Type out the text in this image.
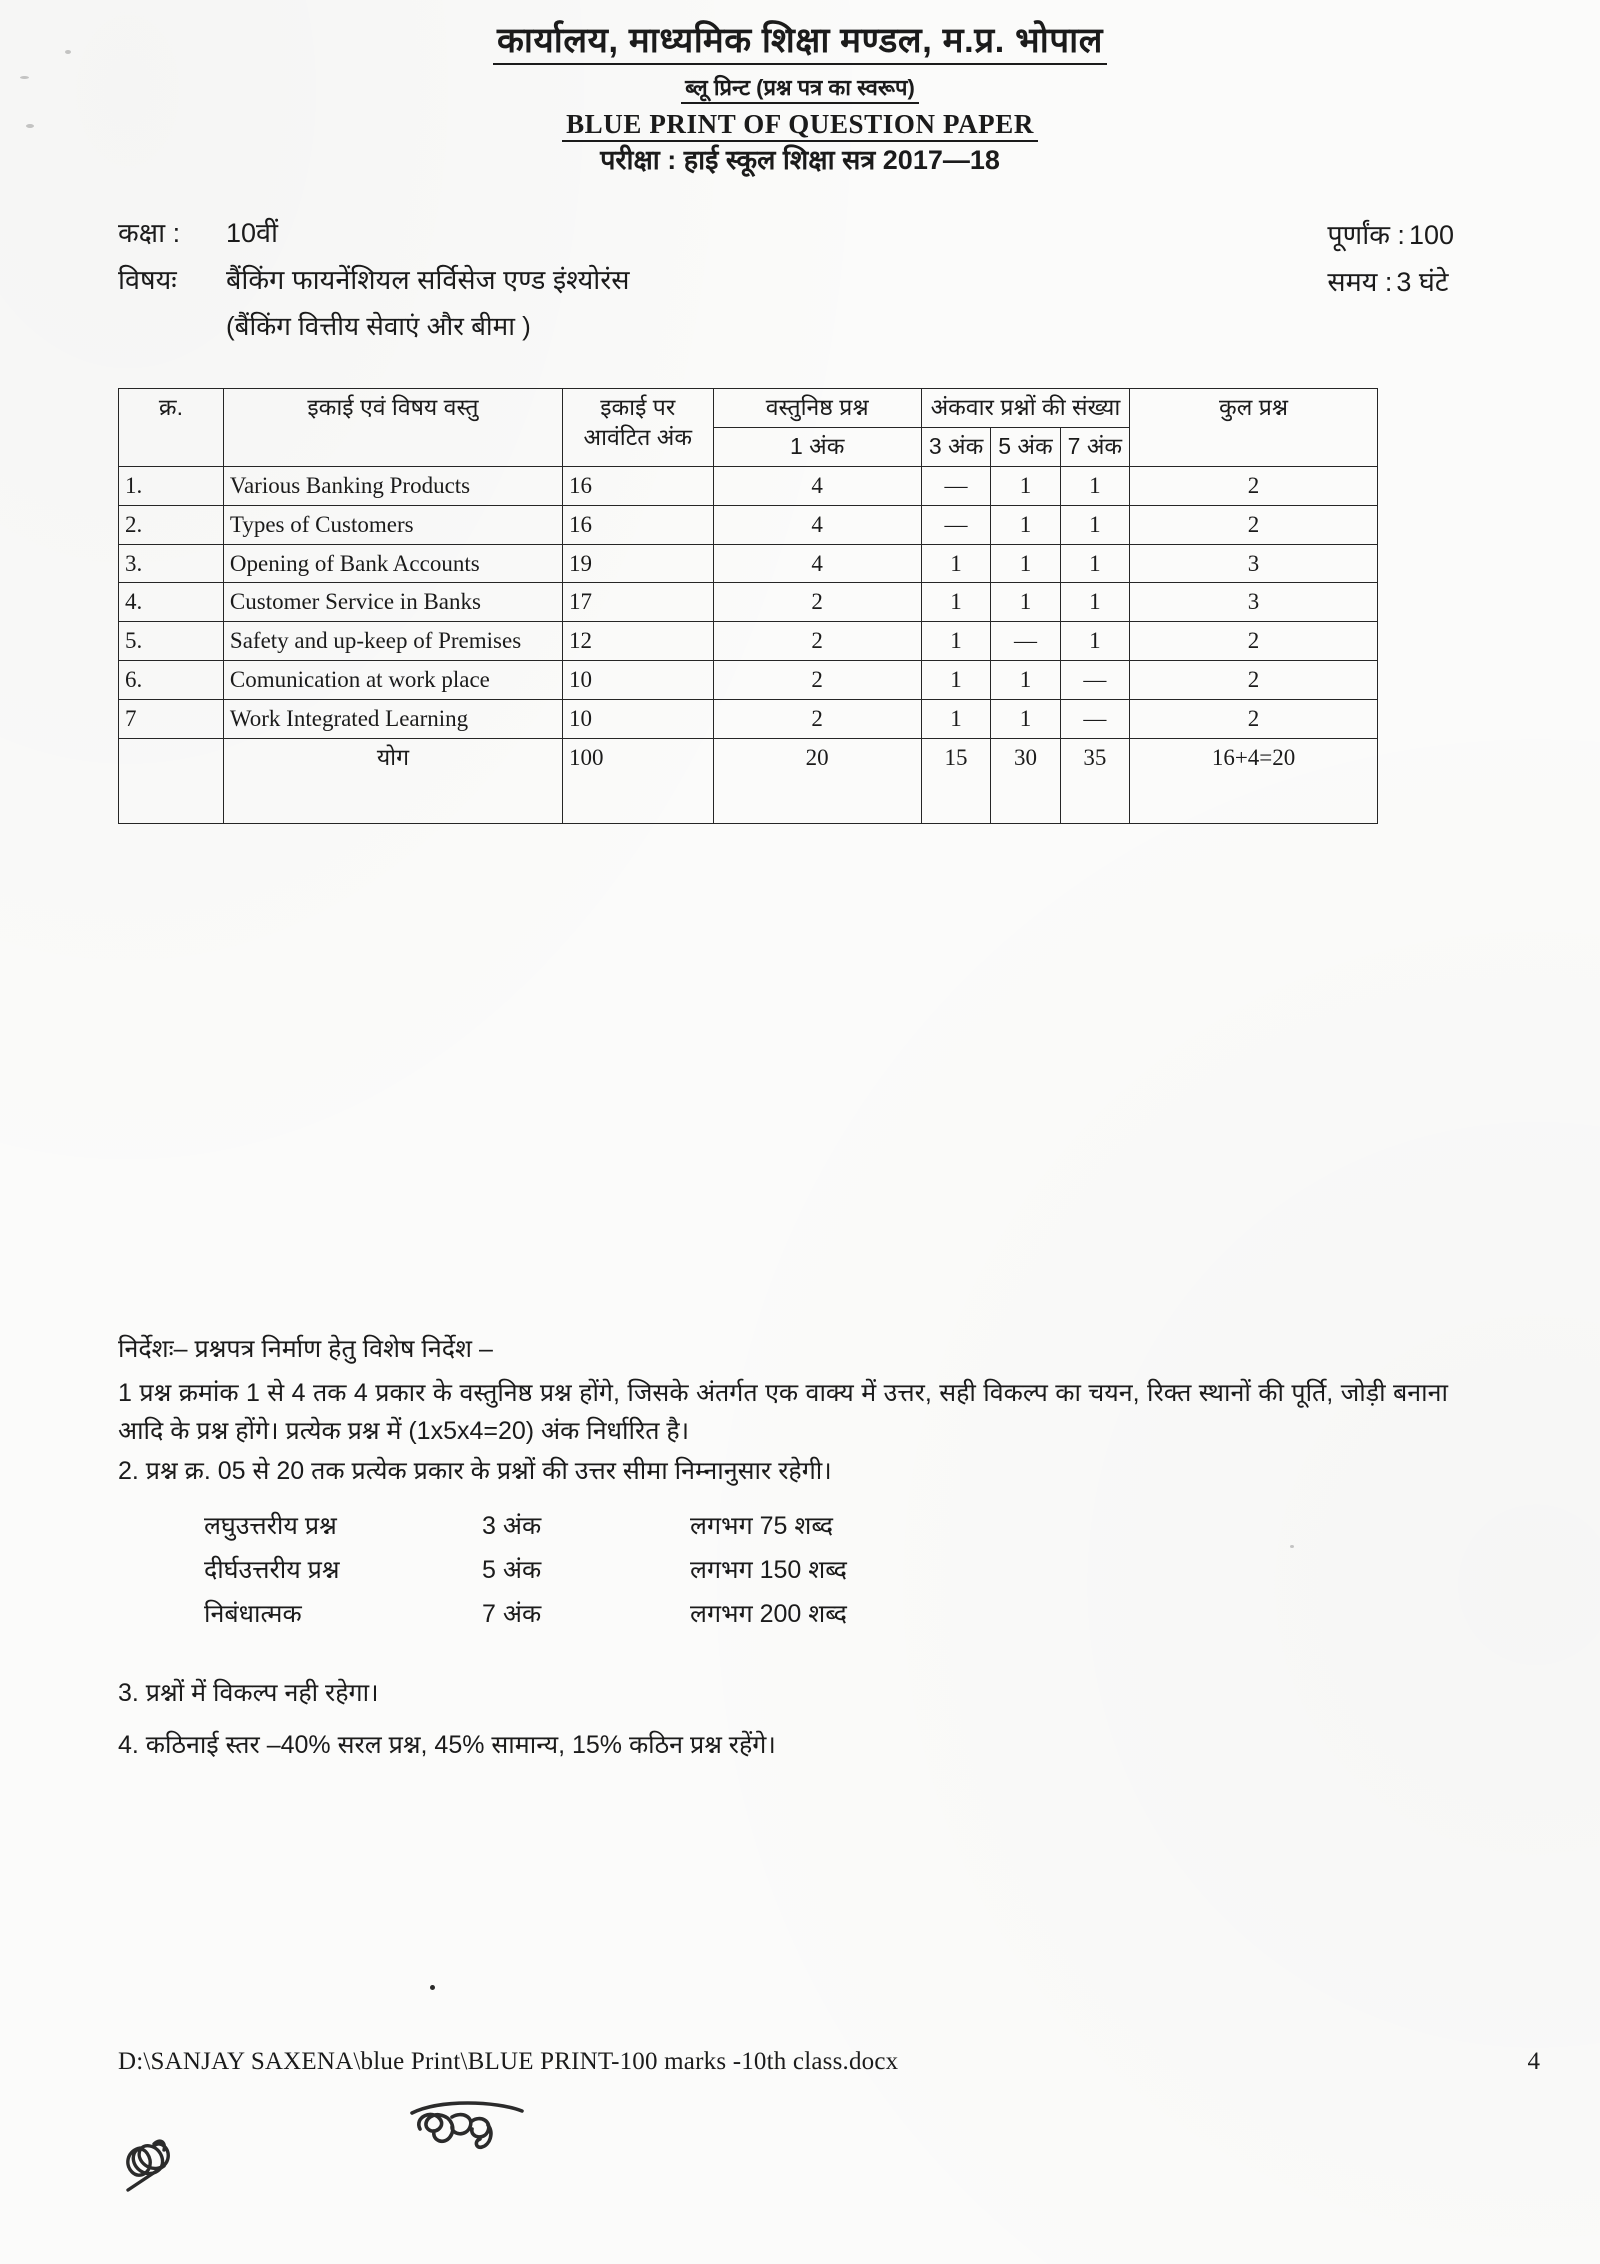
कार्यालय, माध्यमिक शिक्षा मण्डल, म.प्र. भोपाल
ब्लू प्रिन्ट (प्रश्न पत्र का स्वरूप)
BLUE PRINT OF QUESTION PAPER
परीक्षा : हाई स्कूल शिक्षा सत्र 2017—18
कक्षा :	10वीं
विषयः	बैंकिंग फायनेंशियल सर्विसेज एण्ड इंश्योरंस
(बैंकिंग वित्तीय सेवाएं और बीमा )
पूर्णांक : 100
समय : 3 घंटे
क्र.	इकाई एवं विषय वस्तु	इकाई पर आवंटित अंक	वस्तुनिष्ठ प्रश्न	अंकवार प्रश्नों की संख्या			कुल प्रश्न
			1 अंक	3 अंक	5 अंक	7 अंक	
1.	Various Banking Products	16	4	—	1	1	2
2.	Types of Customers	16	4	—	1	1	2
3.	Opening of Bank Accounts	19	4	1	1	1	3
4.	Customer Service in Banks	17	2	1	1	1	3
5.	Safety and up-keep of Premises	12	2	1	—	1	2
6.	Comunication at work place	10	2	1	1	—	2
7	Work Integrated Learning	10	2	1	1	—	2
	योग	100	20	15	30	35	16+4=20
निर्देशः– प्रश्नपत्र निर्माण हेतु विशेष निर्देश –

1 प्रश्न क्रमांक 1 से 4 तक 4 प्रकार के वस्तुनिष्ठ प्रश्न होंगे, जिसके अंतर्गत एक वाक्य में उत्तर, सही विकल्प का चयन, रिक्त स्थानों की पूर्ति, जोड़ी बनाना आदि के प्रश्न होंगे। प्रत्येक प्रश्न में (1x5x4=20) अंक निर्धारित है।

2. प्रश्न क्र. 05 से 20 तक प्रत्येक प्रकार के प्रश्नों की उत्तर सीमा निम्नानुसार रहेगी।

लघुउत्तरीय प्रश्न	3 अंक	लगभग 75 शब्द
दीर्घउत्तरीय प्रश्न	5 अंक	लगभग 150 शब्द
निबंधात्मक	7 अंक	लगभग 200 शब्द

3. प्रश्नों में विकल्प नही रहेगा।

4. कठिनाई स्तर –40% सरल प्रश्न, 45% सामान्य, 15% कठिन प्रश्न रहेंगे।

D:\SANJAY SAXENA\blue Print\BLUE PRINT-100 marks -10th class.docx	4
